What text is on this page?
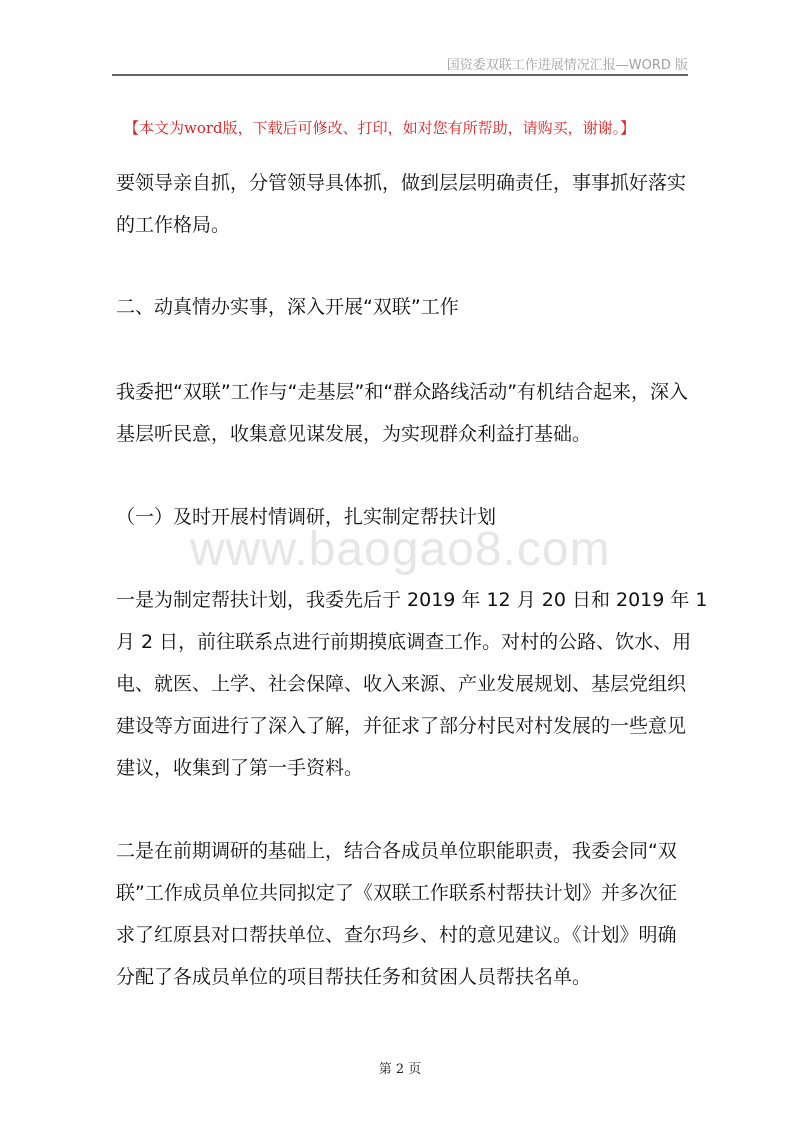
国资委双联工作进展情况汇报—WORD 版
【本文为word版，下载后可修改、打印，如对您有所帮助，请购买，谢谢。】
www.baogao8.com
要领导亲自抓，分管领导具体抓，做到层层明确责任，事事抓好落实
的工作格局。
二、动真情办实事，深入开展“双联”工作
我委把“双联”工作与“走基层”和“群众路线活动”有机结合起来，深入
基层听民意，收集意见谋发展，为实现群众利益打基础。
（一）及时开展村情调研，扎实制定帮扶计划
一是为制定帮扶计划，我委先后于 2019 年 12 月 20 日和 2019 年 1
月 2 日，前往联系点进行前期摸底调查工作。对村的公路、饮水、用
电、就医、上学、社会保障、收入来源、产业发展规划、基层党组织
建设等方面进行了深入了解，并征求了部分村民对村发展的一些意见
建议，收集到了第一手资料。
二是在前期调研的基础上，结合各成员单位职能职责，我委会同“双
联”工作成员单位共同拟定了《双联工作联系村帮扶计划》并多次征
求了红原县对口帮扶单位、查尔玛乡、村的意见建议。《计划》明确
分配了各成员单位的项目帮扶任务和贫困人员帮扶名单。
第 2 页
